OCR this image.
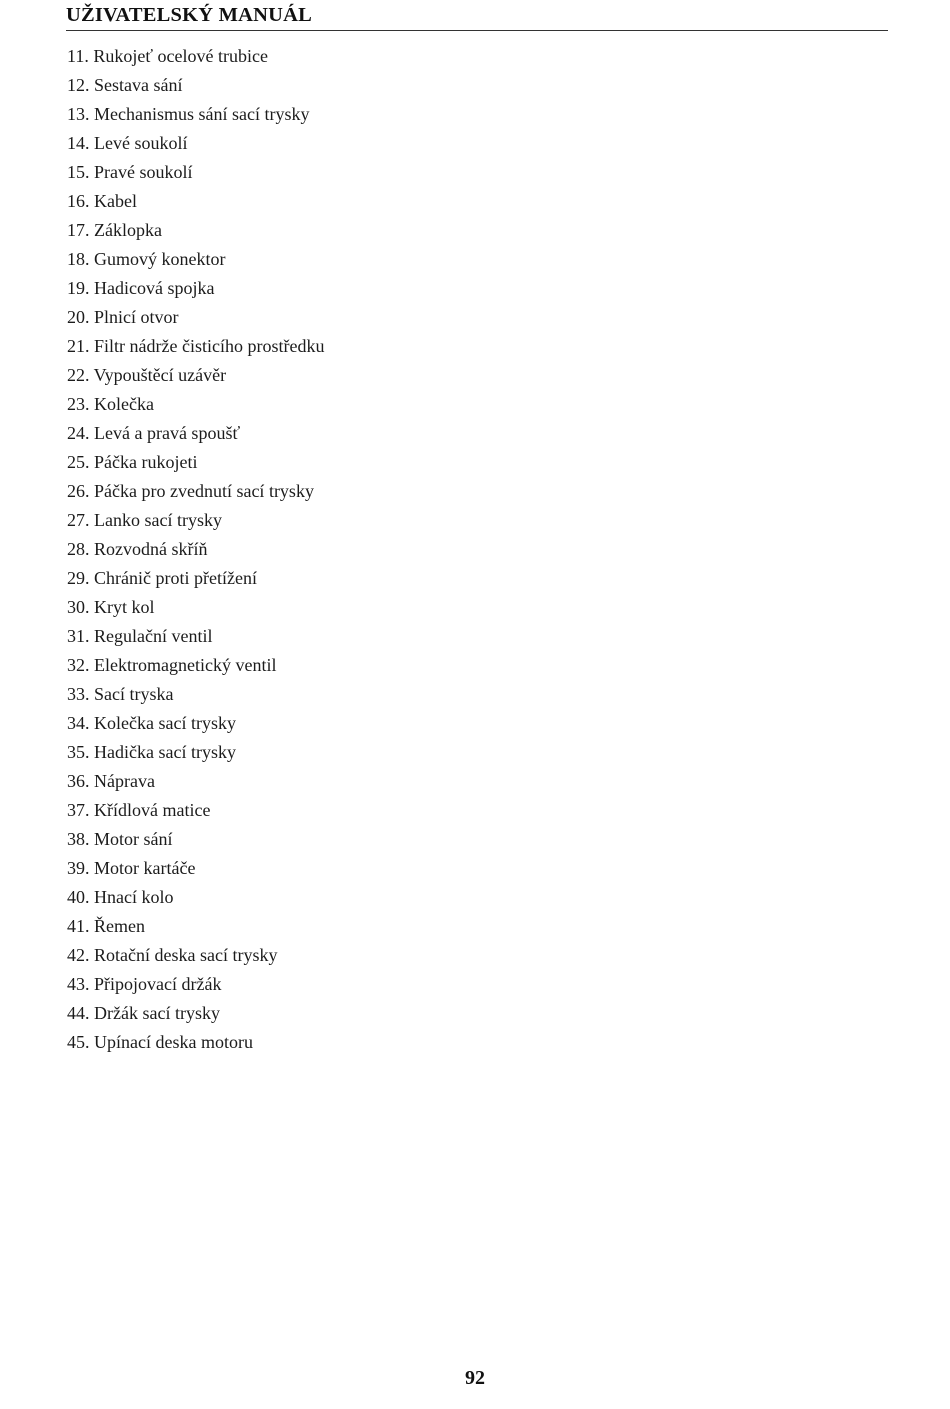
UŽIVATELSKÝ MANUÁL
11. Rukojeť ocelové trubice
12. Sestava sání
13. Mechanismus sání sací trysky
14. Levé soukolí
15. Pravé soukolí
16. Kabel
17. Záklopka
18. Gumový konektor
19. Hadicová spojka
20. Plnicí otvor
21. Filtr nádrže čisticího prostředku
22. Vypouštěcí uzávěr
23. Kolečka
24. Levá a pravá spoušť
25. Páčka rukojeti
26. Páčka pro zvednutí sací trysky
27. Lanko sací trysky
28. Rozvodná skříň
29. Chránič proti přetížení
30. Kryt kol
31. Regulační ventil
32. Elektromagnetický ventil
33. Sací tryska
34. Kolečka sací trysky
35. Hadička sací trysky
36. Náprava
37. Křídlová matice
38. Motor sání
39. Motor kartáče
40. Hnací kolo
41. Řemen
42. Rotační deska sací trysky
43. Připojovací držák
44. Držák sací trysky
45. Upínací deska motoru
92
